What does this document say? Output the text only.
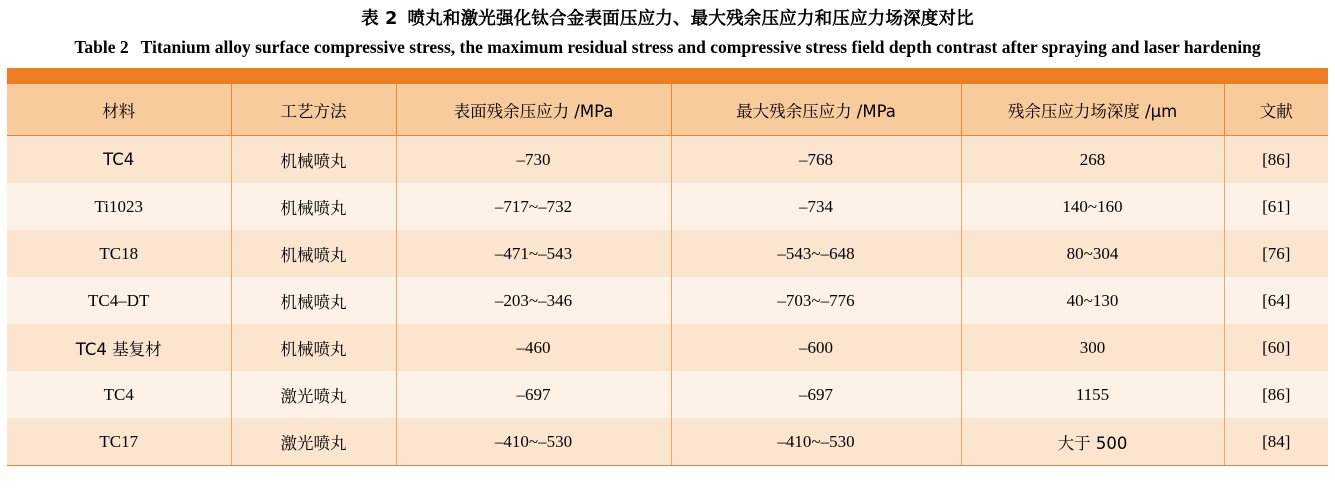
表 2 喷丸和激光强化钛合金表面压应力、最大残余压应力和压应力场深度对比
Table 2 Titanium alloy surface compressive stress, the maximum residual stress and compressive stress field depth contrast after spraying and laser hardening

材料	工艺方法	表面残余压应力 /MPa	最大残余压应力 /MPa	残余压应力场深度 /μm	文献
TC4	机械喷丸	–730	–768	268	[86]
Ti1023	机械喷丸	–717~–732	–734	140~160	[61]
TC18	机械喷丸	–471~–543	–543~–648	80~304	[76]
TC4–DT	机械喷丸	–203~–346	–703~–776	40~130	[64]
TC4 基复材	机械喷丸	–460	–600	300	[60]
TC4	激光喷丸	–697	–697	1155	[86]
TC17	激光喷丸	–410~–530	–410~–530	大于 500	[84]
